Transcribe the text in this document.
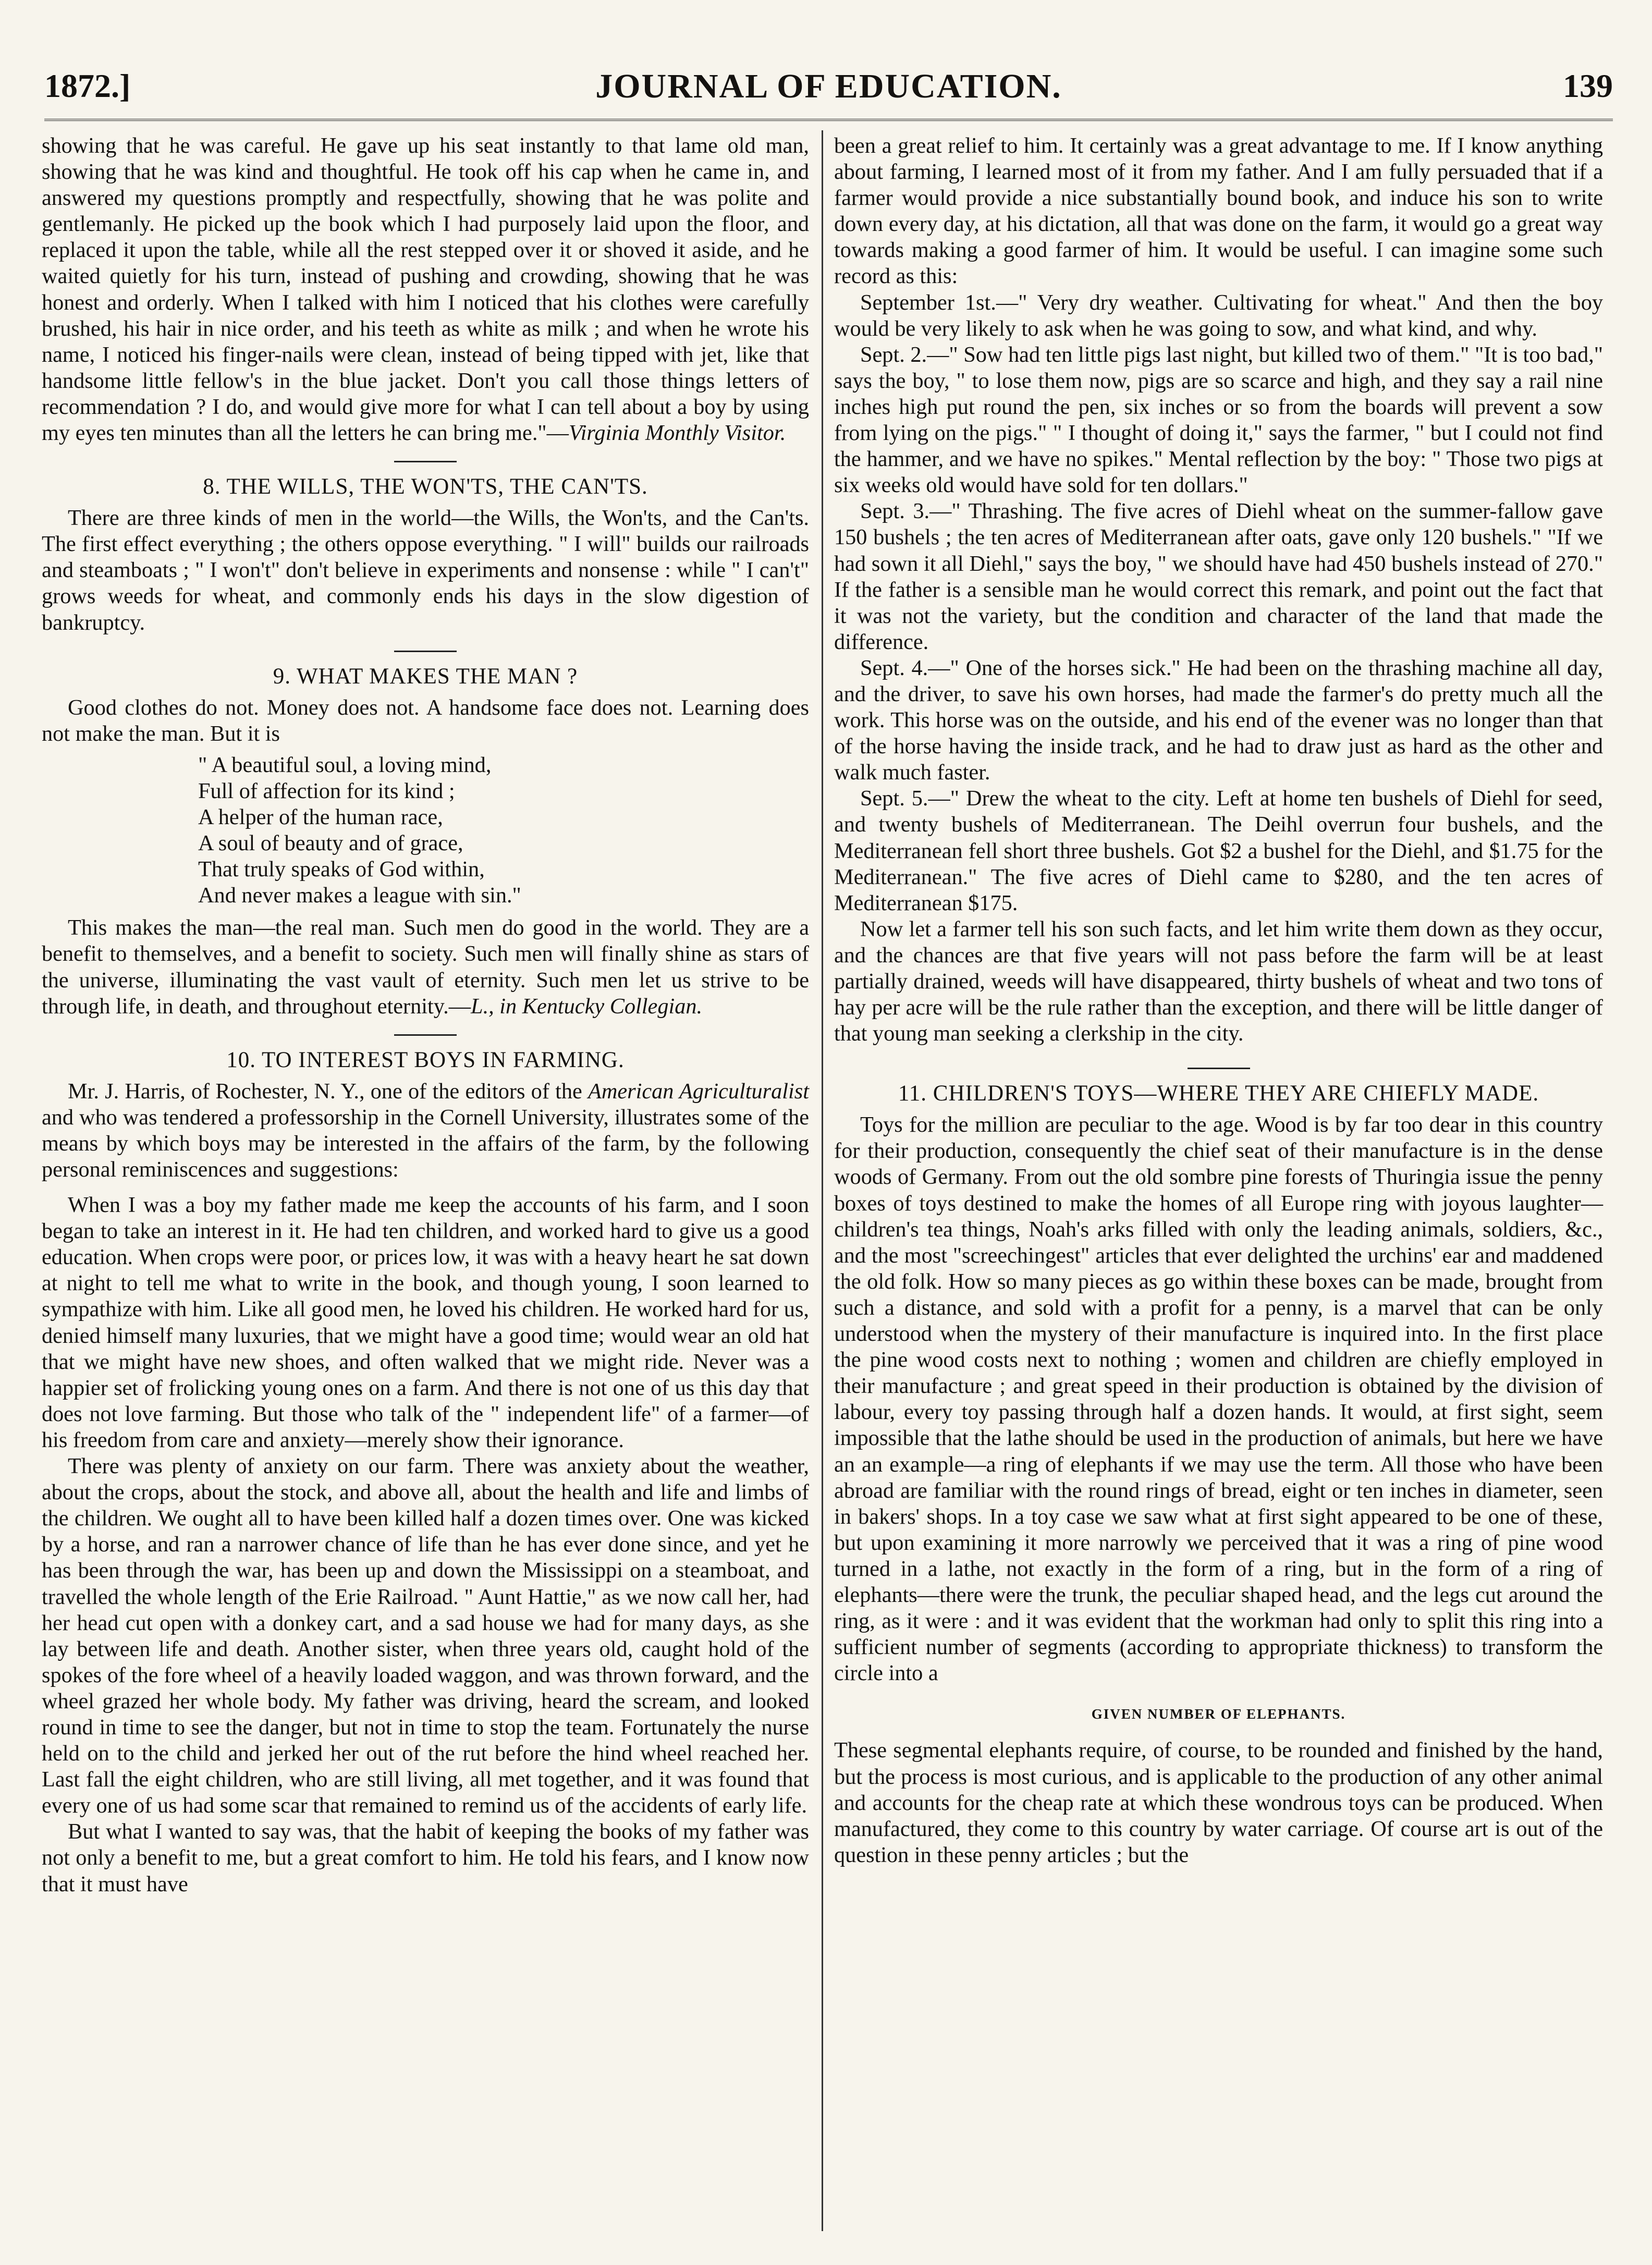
1872.]	JOURNAL OF EDUCATION.	139

showing that he was careful. He gave up his seat instantly to that lame old man, showing that he was kind and thoughtful. He took off his cap when he came in, and answered my questions promptly and respectfully, showing that he was polite and gentlemanly. He picked up the book which I had purposely laid upon the floor, and replaced it upon the table, while all the rest stepped over it or shoved it aside, and he waited quietly for his turn, instead of pushing and crowding, showing that he was honest and orderly. When I talked with him I noticed that his clothes were carefully brushed, his hair in nice order, and his teeth as white as milk ; and when he wrote his name, I noticed his finger-nails were clean, instead of being tipped with jet, like that handsome little fellow's in the blue jacket. Don't you call those things letters of recommendation ? I do, and would give more for what I can tell about a boy by using my eyes ten minutes than all the letters he can bring me."—Virginia Monthly Visitor.

8. THE WILLS, THE WON'TS, THE CAN'TS.

There are three kinds of men in the world—the Wills, the Won'ts, and the Can'ts. The first effect everything ; the others oppose everything. " I will" builds our railroads and steamboats ; " I won't" don't believe in experiments and nonsense : while " I can't" grows weeds for wheat, and commonly ends his days in the slow digestion of bankruptcy.

9. WHAT MAKES THE MAN ?

Good clothes do not. Money does not. A handsome face does not. Learning does not make the man. But it is

" A beautiful soul, a loving mind,
Full of affection for its kind ;
A helper of the human race,
A soul of beauty and of grace,
That truly speaks of God within,
And never makes a league with sin."

This makes the man—the real man. Such men do good in the world. They are a benefit to themselves, and a benefit to society. Such men will finally shine as stars of the universe, illuminating the vast vault of eternity. Such men let us strive to be through life, in death, and throughout eternity.—L., in Kentucky Collegian.

10. TO INTEREST BOYS IN FARMING.

Mr. J. Harris, of Rochester, N. Y., one of the editors of the American Agriculturalist and who was tendered a professorship in the Cornell University, illustrates some of the means by which boys may be interested in the affairs of the farm, by the following personal reminiscences and suggestions:

When I was a boy my father made me keep the accounts of his farm, and I soon began to take an interest in it. He had ten children, and worked hard to give us a good education. When crops were poor, or prices low, it was with a heavy heart he sat down at night to tell me what to write in the book, and though young, I soon learned to sympathize with him. Like all good men, he loved his children. He worked hard for us, denied himself many luxuries, that we might have a good time; would wear an old hat that we might have new shoes, and often walked that we might ride. Never was a happier set of frolicking young ones on a farm. And there is not one of us this day that does not love farming. But those who talk of the " independent life" of a farmer—of his freedom from care and anxiety—merely show their ignorance.

There was plenty of anxiety on our farm. There was anxiety about the weather, about the crops, about the stock, and above all, about the health and life and limbs of the children. We ought all to have been killed half a dozen times over. One was kicked by a horse, and ran a narrower chance of life than he has ever done since, and yet he has been through the war, has been up and down the Mississippi on a steamboat, and travelled the whole length of the Erie Railroad. " Aunt Hattie," as we now call her, had her head cut open with a donkey cart, and a sad house we had for many days, as she lay between life and death. Another sister, when three years old, caught hold of the spokes of the fore wheel of a heavily loaded waggon, and was thrown forward, and the wheel grazed her whole body. My father was driving, heard the scream, and looked round in time to see the danger, but not in time to stop the team. Fortunately the nurse held on to the child and jerked her out of the rut before the hind wheel reached her. Last fall the eight children, who are still living, all met together, and it was found that every one of us had some scar that remained to remind us of the accidents of early life.

But what I wanted to say was, that the habit of keeping the books of my father was not only a benefit to me, but a great comfort to him. He told his fears, and I know now that it must have

been a great relief to him. It certainly was a great advantage to me. If I know anything about farming, I learned most of it from my father. And I am fully persuaded that if a farmer would provide a nice substantially bound book, and induce his son to write down every day, at his dictation, all that was done on the farm, it would go a great way towards making a good farmer of him. It would be useful. I can imagine some such record as this:

September 1st.—" Very dry weather. Cultivating for wheat." And then the boy would be very likely to ask when he was going to sow, and what kind, and why.

Sept. 2.—" Sow had ten little pigs last night, but killed two of them." "It is too bad," says the boy, " to lose them now, pigs are so scarce and high, and they say a rail nine inches high put round the pen, six inches or so from the boards will prevent a sow from lying on the pigs." " I thought of doing it," says the farmer, " but I could not find the hammer, and we have no spikes." Mental reflection by the boy: " Those two pigs at six weeks old would have sold for ten dollars."

Sept. 3.—" Thrashing. The five acres of Diehl wheat on the summer-fallow gave 150 bushels ; the ten acres of Mediterranean after oats, gave only 120 bushels." "If we had sown it all Diehl," says the boy, " we should have had 450 bushels instead of 270." If the father is a sensible man he would correct this remark, and point out the fact that it was not the variety, but the condition and character of the land that made the difference.

Sept. 4.—" One of the horses sick." He had been on the thrashing machine all day, and the driver, to save his own horses, had made the farmer's do pretty much all the work. This horse was on the outside, and his end of the evener was no longer than that of the horse having the inside track, and he had to draw just as hard as the other and walk much faster.

Sept. 5.—" Drew the wheat to the city. Left at home ten bushels of Diehl for seed, and twenty bushels of Mediterranean. The Deihl overrun four bushels, and the Mediterranean fell short three bushels. Got $2 a bushel for the Diehl, and $1.75 for the Mediterranean." The five acres of Diehl came to $280, and the ten acres of Mediterranean $175.

Now let a farmer tell his son such facts, and let him write them down as they occur, and the chances are that five years will not pass before the farm will be at least partially drained, weeds will have disappeared, thirty bushels of wheat and two tons of hay per acre will be the rule rather than the exception, and there will be little danger of that young man seeking a clerkship in the city.

11. CHILDREN'S TOYS—WHERE THEY ARE CHIEFLY MADE.

Toys for the million are peculiar to the age. Wood is by far too dear in this country for their production, consequently the chief seat of their manufacture is in the dense woods of Germany. From out the old sombre pine forests of Thuringia issue the penny boxes of toys destined to make the homes of all Europe ring with joyous laughter—children's tea things, Noah's arks filled with only the leading animals, soldiers, &c., and the most "screechingest" articles that ever delighted the urchins' ear and maddened the old folk. How so many pieces as go within these boxes can be made, brought from such a distance, and sold with a profit for a penny, is a marvel that can be only understood when the mystery of their manufacture is inquired into. In the first place the pine wood costs next to nothing ; women and children are chiefly employed in their manufacture ; and great speed in their production is obtained by the division of labour, every toy passing through half a dozen hands. It would, at first sight, seem impossible that the lathe should be used in the production of animals, but here we have an an example—a ring of elephants if we may use the term. All those who have been abroad are familiar with the round rings of bread, eight or ten inches in diameter, seen in bakers' shops. In a toy case we saw what at first sight appeared to be one of these, but upon examining it more narrowly we perceived that it was a ring of pine wood turned in a lathe, not exactly in the form of a ring, but in the form of a ring of elephants—there were the trunk, the peculiar shaped head, and the legs cut around the ring, as it were : and it was evident that the workman had only to split this ring into a sufficient number of segments (according to appropriate thickness) to transform the circle into a

GIVEN NUMBER OF ELEPHANTS.

These segmental elephants require, of course, to be rounded and finished by the hand, but the process is most curious, and is applicable to the production of any other animal and accounts for the cheap rate at which these wondrous toys can be produced. When manufactured, they come to this country by water carriage. Of course art is out of the question in these penny articles ; but the
